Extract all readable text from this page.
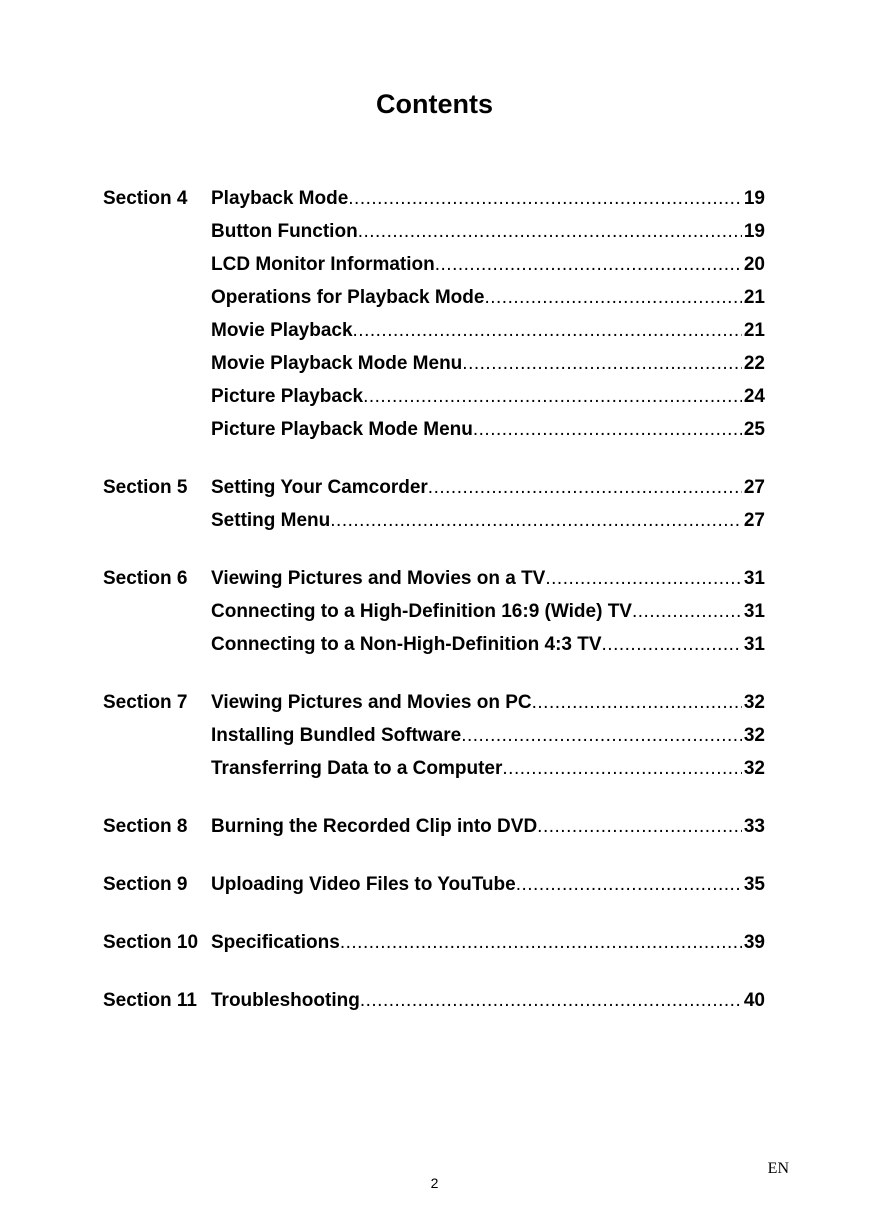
Contents
Section 4	Playback Mode .....	19
Button Function .....	19
LCD Monitor Information .....	20
Operations for Playback Mode .....	21
Movie Playback .....	21
Movie Playback Mode Menu .....	22
Picture Playback .....	24
Picture Playback Mode Menu .....	25
Section 5	Setting Your Camcorder .....	27
Setting Menu .....	27
Section 6	Viewing Pictures and Movies on a TV .....	31
Connecting to a High-Definition 16:9 (Wide) TV .....	31
Connecting to a Non-High-Definition 4:3 TV .....	31
Section 7	Viewing Pictures and Movies on PC .....	32
Installing Bundled Software .....	32
Transferring Data to a Computer .....	32
Section 8	Burning the Recorded Clip into DVD .....	33
Section 9	Uploading Video Files to YouTube .....	35
Section 10 Specifications .....	39
Section 11 Troubleshooting .....	40
2
EN
